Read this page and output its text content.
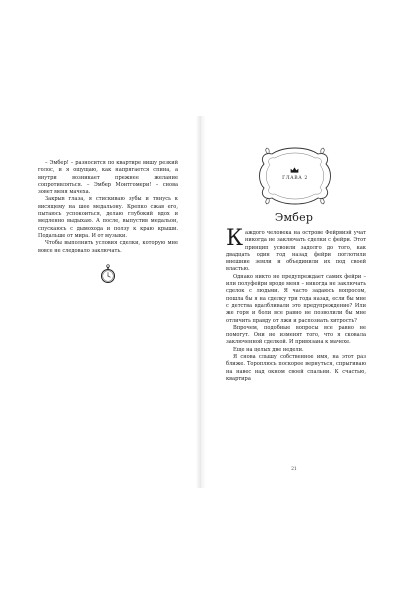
– Эмбер! – разносится по квартире вишу резкий голос, и я ощущаю, как напрягается спина, а внутри возникает прежнее желание сопротивляться. – Эмбер Монтгомери! – снова зовет меня мачеха.

Закрыв глаза, я стискиваю зубы и тянусь к висящему на шее медальону. Крепко сжав его, пытаюсь успокоиться, делаю глубокий вдох и медленно выдыхаю. А после, выпустив медальон, спускаюсь с дымохода и ползу к краю крыши. Подальше от мира. И от музыки.

Чтобы выполнить условия сделки, которую мне вовсе не следовало заключать.

ГЛАВА 2
Эмбер

Каждого человека на острове Фейрвиэй учат никогда не заключать сделки с фейри. Этот принцип усвоили задолго до того, как двадцать один год назад фейри поглотили внешние земли и объединили их под своей властью.

Однако никто не предупреждает самих фейри – или полуфейри вроде меня – никогда не заключать сделок с людьми. Я часто задаюсь вопросом, пошла бы я на сделку три года назад, если бы мне с детства вдалбливали это предупреждение? Или же горя и боли все равно не позволили бы мне отличить правду от лжи и распознать хитрость?

Впрочем, подобные вопросы все равно не помогут. Они не изменят того, что я сковала заключенной сделкой. И привязана к мачехе.

Еще на целых две недели.

Я снова слышу собственное имя, на этот раз ближе. Тороплюсь поскорее вернуться, спрыгиваю на навес над окном своей спальни. К счастью, квартира

21
